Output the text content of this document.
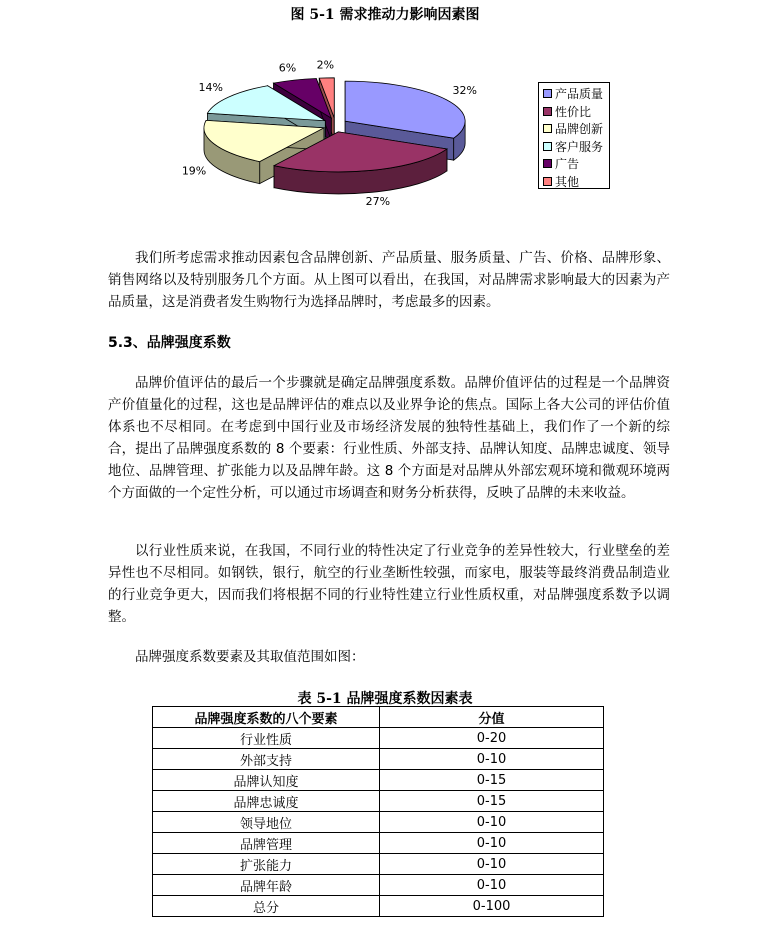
图 5-1 需求推动力影响因素图
32%
27%
19%
14%
6% 2%
产品质量
性价比
品牌创新
客户服务
广告
其他

我们所考虑需求推动因素包含品牌创新、产品质量、服务质量、广告、价格、品牌形象、销售网络以及特别服务几个方面。从上图可以看出，在我国，对品牌需求影响最大的因素为产品质量，这是消费者发生购物行为选择品牌时，考虑最多的因素。

5.3、品牌强度系数

品牌价值评估的最后一个步骤就是确定品牌强度系数。品牌价值评估的过程是一个品牌资产价值量化的过程，这也是品牌评估的难点以及业界争论的焦点。国际上各大公司的评估价值体系也不尽相同。在考虑到中国行业及市场经济发展的独特性基础上，我们作了一个新的综合，提出了品牌强度系数的 8 个要素：行业性质、外部支持、品牌认知度、品牌忠诚度、领导地位、品牌管理、扩张能力以及品牌年龄。这 8 个方面是对品牌从外部宏观环境和微观环境两个方面做的一个定性分析，可以通过市场调查和财务分析获得，反映了品牌的未来收益。

以行业性质来说，在我国，不同行业的特性决定了行业竞争的差异性较大，行业壁垒的差异性也不尽相同。如钢铁，银行，航空的行业垄断性较强，而家电，服装等最终消费品制造业的行业竞争更大，因而我们将根据不同的行业特性建立行业性质权重，对品牌强度系数予以调整。

品牌强度系数要素及其取值范围如图：
表 5-1 品牌强度系数因素表
品牌强度系数的八个要素	分值
行业性质	0-20
外部支持	0-10
品牌认知度	0-15
品牌忠诚度	0-15
领导地位	0-10
品牌管理	0-10
扩张能力	0-10
品牌年龄	0-10
总分	0-100
